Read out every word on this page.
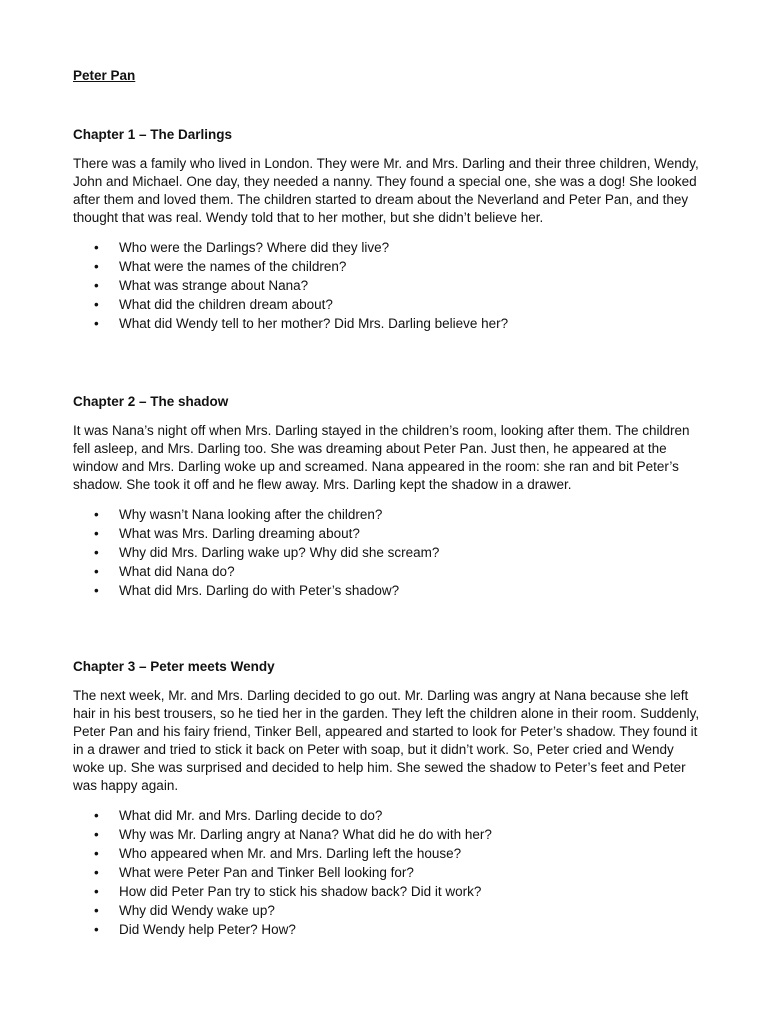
Peter Pan
Chapter 1 – The Darlings

There was a family who lived in London. They were Mr. and Mrs. Darling and their three children, Wendy, John and Michael. One day, they needed a nanny. They found a special one, she was a dog! She looked after them and loved them. The children started to dream about the Neverland and Peter Pan, and they thought that was real. Wendy told that to her mother, but she didn’t believe her.

• Who were the Darlings? Where did they live?
• What were the names of the children?
• What was strange about Nana?
• What did the children dream about?
• What did Wendy tell to her mother? Did Mrs. Darling believe her?
Chapter 2 – The shadow

It was Nana’s night off when Mrs. Darling stayed in the children’s room, looking after them. The children fell asleep, and Mrs. Darling too. She was dreaming about Peter Pan. Just then, he appeared at the window and Mrs. Darling woke up and screamed. Nana appeared in the room: she ran and bit Peter’s shadow. She took it off and he flew away. Mrs. Darling kept the shadow in a drawer.

• Why wasn’t Nana looking after the children?
• What was Mrs. Darling dreaming about?
• Why did Mrs. Darling wake up? Why did she scream?
• What did Nana do?
• What did Mrs. Darling do with Peter’s shadow?
Chapter 3 – Peter meets Wendy

The next week, Mr. and Mrs. Darling decided to go out. Mr. Darling was angry at Nana because she left hair in his best trousers, so he tied her in the garden. They left the children alone in their room. Suddenly, Peter Pan and his fairy friend, Tinker Bell, appeared and started to look for Peter’s shadow. They found it in a drawer and tried to stick it back on Peter with soap, but it didn’t work. So, Peter cried and Wendy woke up. She was surprised and decided to help him. She sewed the shadow to Peter’s feet and Peter was happy again.

• What did Mr. and Mrs. Darling decide to do?
• Why was Mr. Darling angry at Nana? What did he do with her?
• Who appeared when Mr. and Mrs. Darling left the house?
• What were Peter Pan and Tinker Bell looking for?
• How did Peter Pan try to stick his shadow back? Did it work?
• Why did Wendy wake up?
• Did Wendy help Peter? How?
